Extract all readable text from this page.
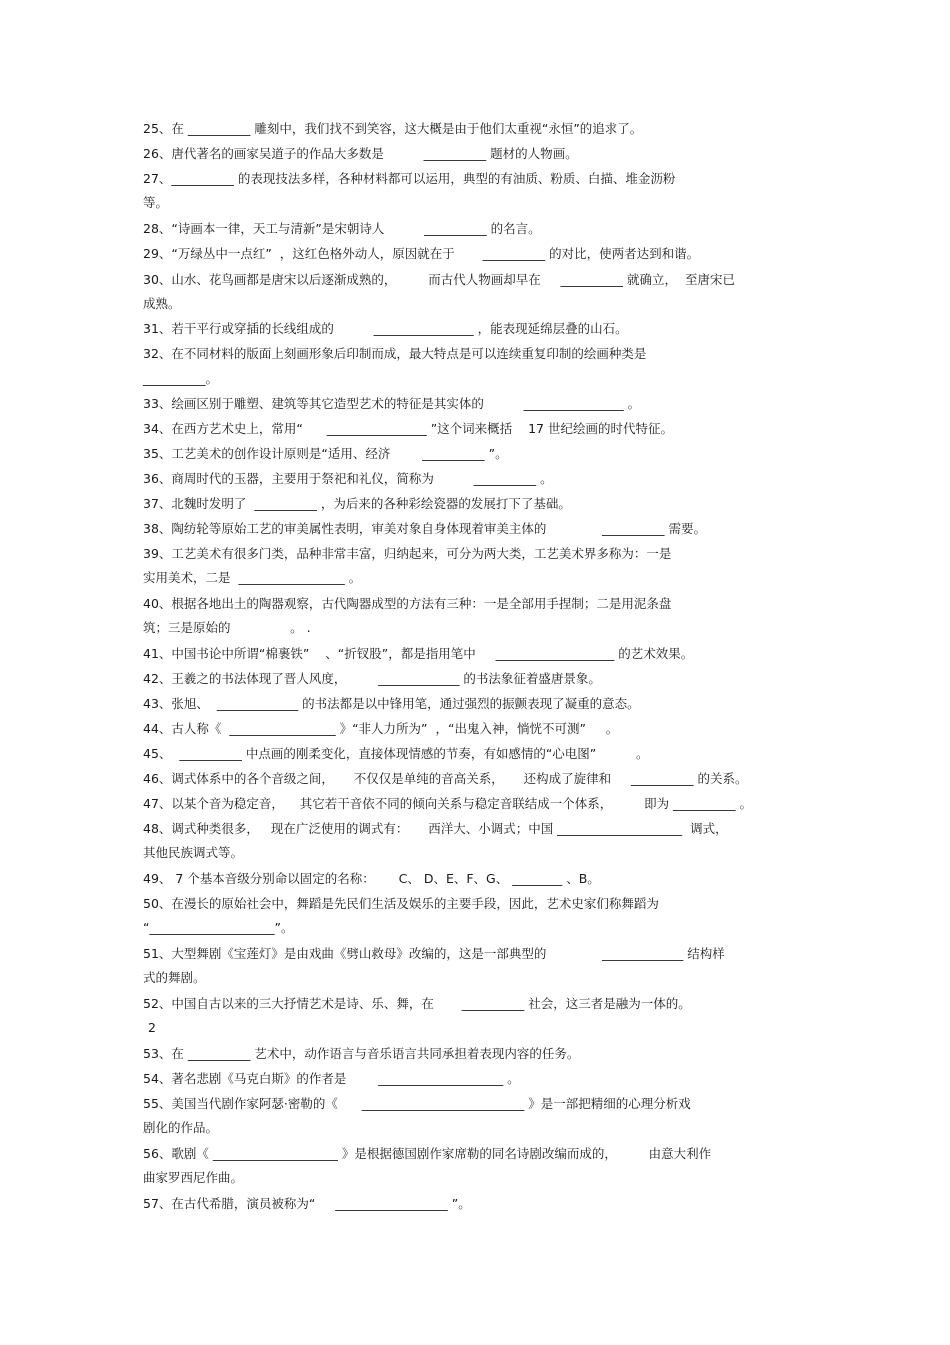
25、在 __________ 雕刻中，我们找不到笑容，这大概是由于他们太重视“永恒”的追求了。
26、唐代著名的画家吴道子的作品大多数是          __________ 题材的人物画。
27、__________ 的表现技法多样，各种材料都可以运用，典型的有油质、粉质、白描、堆金沥粉
等。
28、“诗画本一律，天工与清新”是宋朝诗人          __________ 的名言。
29、“万绿丛中一点红”  ，这红色格外动人，原因就在于       __________ 的对比，使两者达到和谐。
30、山水、花鸟画都是唐宋以后逐渐成熟的，        而古代人物画却早在     __________ 就确立，  至唐宋已
成熟。
31、若干平行或穿插的长线组成的          ________________ ，能表现延绵层叠的山石。
32、在不同材料的版面上刻画形象后印制而成，最大特点是可以连续重复印制的绘画种类是
__________。
33、绘画区别于雕塑、建筑等其它造型艺术的特征是其实体的          ________________ 。
34、在西方艺术史上，常用“      ________________ ”这个词来概括    17 世纪绘画的时代特征。
35、工艺美术的创作设计原则是“适用、经济        __________ ”。
36、商周时代的玉器，主要用于祭祀和礼仪，简称为          __________ 。
37、北魏时发明了  __________ ，为后来的各种彩绘瓷器的发展打下了基础。
38、陶纺轮等原始工艺的审美属性表明，审美对象自身体现着审美主体的              __________ 需要。
39、工艺美术有很多门类，品种非常丰富，归纳起来，可分为两大类，工艺美术界多称为：一是
实用美术，二是  _________________ 。
40、根据各地出土的陶器观察，古代陶器成型的方法有三种：一是全部用手捏制；二是用泥条盘
筑；三是原始的               。 .
41、中国书论中所谓“棉裹铁”    、“折钗股”，都是指用笔中     ___________________ 的艺术效果。
42、王羲之的书法体现了晋人风度，        _____________ 的书法象征着盛唐景象。
43、张旭、  _____________ 的书法都是以中锋用笔，通过强烈的振颤表现了凝重的意态。
44、古人称《  _________________ 》“非人力所为”  ，“出鬼入神，惝恍不可测”     。
45、  __________ 中点画的刚柔变化，直接体现情感的节奏，有如感情的“心电图”          。
46、调式体系中的各个音级之间，     不仅仅是单纯的音高关系，     还构成了旋律和     __________ 的关系。
47、以某个音为稳定音，    其它若干音依不同的倾向关系与稳定音联结成一个体系，        即为 __________ 。
48、调式种类很多，   现在广泛使用的调式有：     西洋大、小调式；中国 ____________________  调式，
其他民族调式等。
49、 7 个基本音级分别命以固定的名称：      C、 D、E、F、G、 ________ 、B。
50、在漫长的原始社会中，舞蹈是先民们生活及娱乐的主要手段，因此，艺术史家们称舞蹈为
“____________________”。
51、大型舞剧《宝莲灯》是由戏曲《劈山救母》改编的，这是一部典型的              _____________ 结构样
式的舞剧。
52、中国自古以来的三大抒情艺术是诗、乐、舞，在       __________ 社会，这三者是融为一体的。
2
53、在 __________ 艺术中，动作语言与音乐语言共同承担着表现内容的任务。
54、著名悲剧《马克白斯》的作者是        ____________________ 。
55、美国当代剧作家阿瑟·密勒的《      __________________________ 》是一部把精细的心理分析戏
剧化的作品。
56、歌剧《 ____________________ 》是根据德国剧作家席勒的同名诗剧改编而成的，        由意大利作
曲家罗西尼作曲。
57、在古代希腊，演员被称为“     __________________ ”。
